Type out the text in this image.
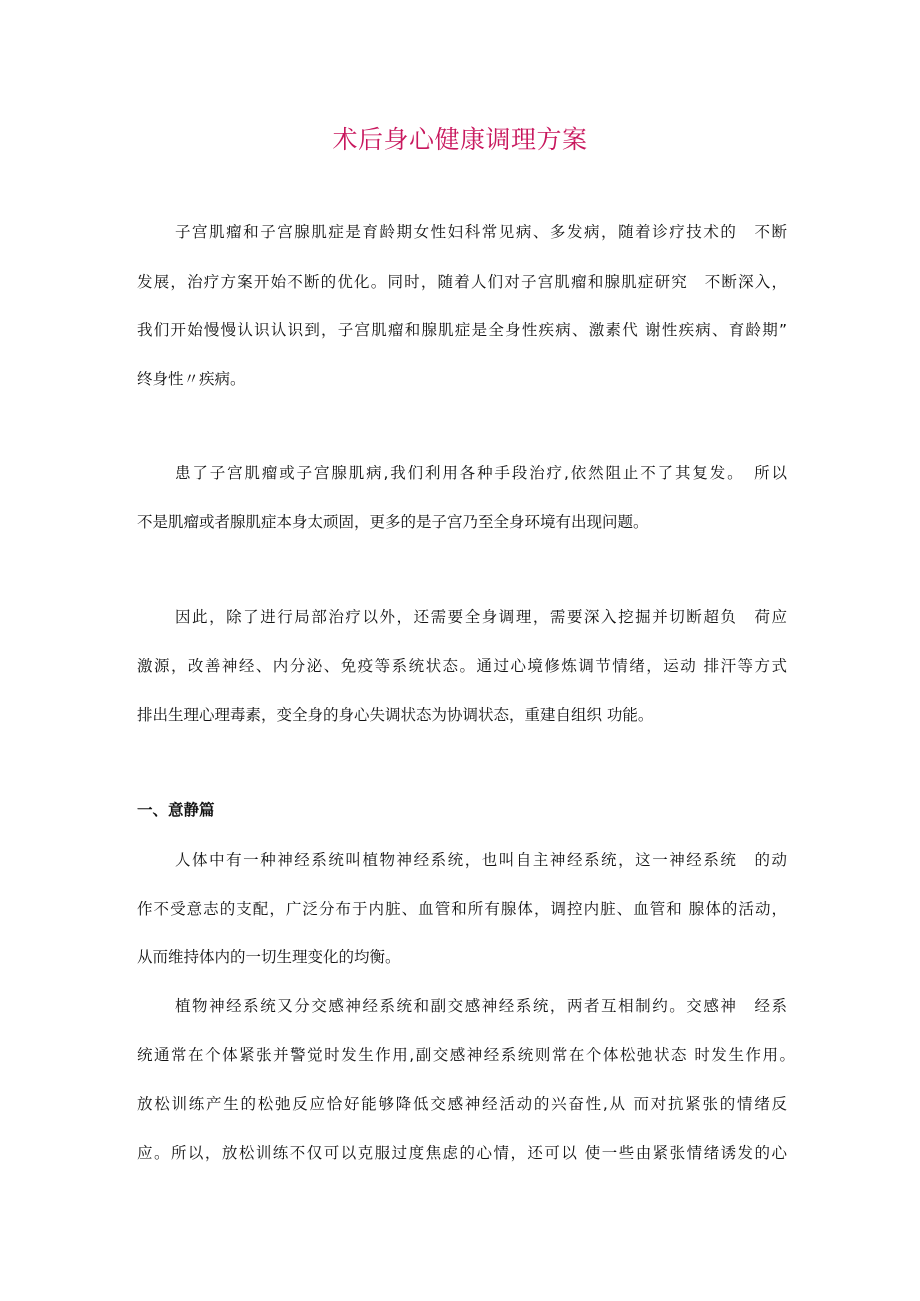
术后身心健康调理方案
子宫肌瘤和子宫腺肌症是育龄期女性妇科常见病、多发病，随着诊疗技术的　不断
发展，治疗方案开始不断的优化。同时，随着人们对子宫肌瘤和腺肌症研究　不断深入，
我们开始慢慢认识认识到，子宫肌瘤和腺肌症是全身性疾病、激素代 谢性疾病、育龄期”
终身性〃疾病。
患了子宫肌瘤或子宫腺肌病,我们利用各种手段治疗,依然阻止不了其复发。　所以
不是肌瘤或者腺肌症本身太顽固，更多的是子宫乃至全身环境有出现问题。
因此，除了进行局部治疗以外，还需要全身调理，需要深入挖掘并切断超负　荷应
激源，改善神经、内分泌、免疫等系统状态。通过心境修炼调节情绪，运动 排汗等方式
排出生理心理毒素，变全身的身心失调状态为协调状态，重建自组织 功能。
一、意静篇
人体中有一种神经系统叫植物神经系统，也叫自主神经系统，这一神经系统　的动
作不受意志的支配，广泛分布于内脏、血管和所有腺体，调控内脏、血管和 腺体的活动，
从而维持体内的一切生理变化的均衡。
植物神经系统又分交感神经系统和副交感神经系统，两者互相制约。交感神　经系
统通常在个体紧张并警觉时发生作用,副交感神经系统则常在个体松弛状态 时发生作用。
放松训练产生的松弛反应恰好能够降低交感神经活动的兴奋性,从 而对抗紧张的情绪反
应。所以，放松训练不仅可以克服过度焦虑的心情，还可以 使一些由紧张情绪诱发的心
